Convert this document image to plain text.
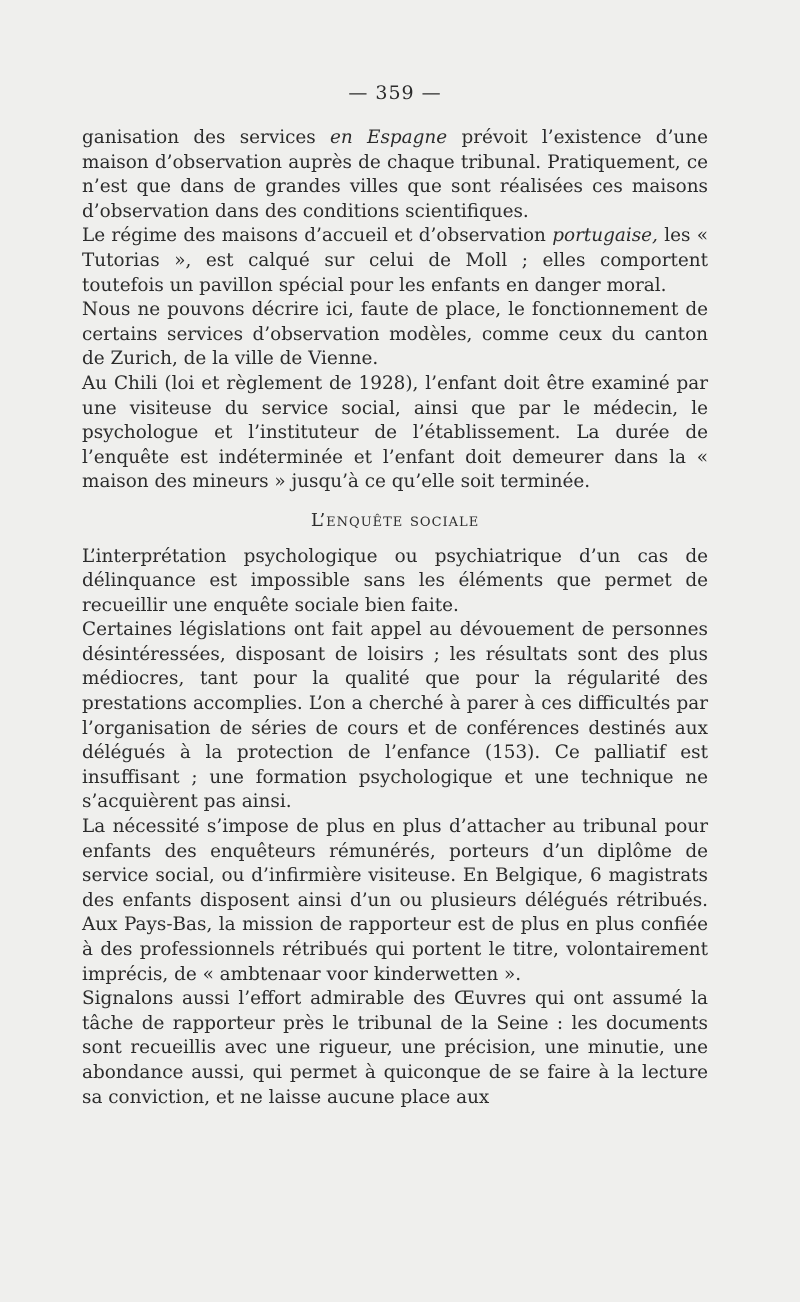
— 359 —

ganisation des services en Espagne prévoit l’existence d’une maison d’observation auprès de chaque tribunal. Pratiquement, ce n’est que dans de grandes villes que sont réalisées ces maisons d’observation dans des conditions scientifiques.

Le régime des maisons d’accueil et d’observation portugaise, les « Tutorias », est calqué sur celui de Moll ; elles comportent toutefois un pavillon spécial pour les enfants en danger moral.

Nous ne pouvons décrire ici, faute de place, le fonctionnement de certains services d’observation modèles, comme ceux du canton de Zurich, de la ville de Vienne.

Au Chili (loi et règlement de 1928), l’enfant doit être examiné par une visiteuse du service social, ainsi que par le médecin, le psychologue et l’instituteur de l’établissement. La durée de l’enquête est indéterminée et l’enfant doit demeurer dans la « maison des mineurs » jusqu’à ce qu’elle soit terminée.

L’enquête sociale

L’interprétation psychologique ou psychiatrique d’un cas de délinquance est impossible sans les éléments que permet de recueillir une enquête sociale bien faite.

Certaines législations ont fait appel au dévouement de personnes désintéressées, disposant de loisirs ; les résultats sont des plus médiocres, tant pour la qualité que pour la régularité des prestations accomplies. L’on a cherché à parer à ces difficultés par l’organisation de séries de cours et de conférences destinés aux délégués à la protection de l’enfance (153). Ce palliatif est insuffisant ; une formation psychologique et une technique ne s’acquièrent pas ainsi.

La nécessité s’impose de plus en plus d’attacher au tribunal pour enfants des enquêteurs rémunérés, porteurs d’un diplôme de service social, ou d’infirmière visiteuse. En Belgique, 6 magistrats des enfants disposent ainsi d’un ou plusieurs délégués rétribués. Aux Pays-Bas, la mission de rapporteur est de plus en plus confiée à des professionnels rétribués qui portent le titre, volontairement imprécis, de « ambtenaar voor kinderwetten ».

Signalons aussi l’effort admirable des Œuvres qui ont assumé la tâche de rapporteur près le tribunal de la Seine : les documents sont recueillis avec une rigueur, une précision, une minutie, une abondance aussi, qui permet à quiconque de se faire à la lecture sa conviction, et ne laisse aucune place aux
